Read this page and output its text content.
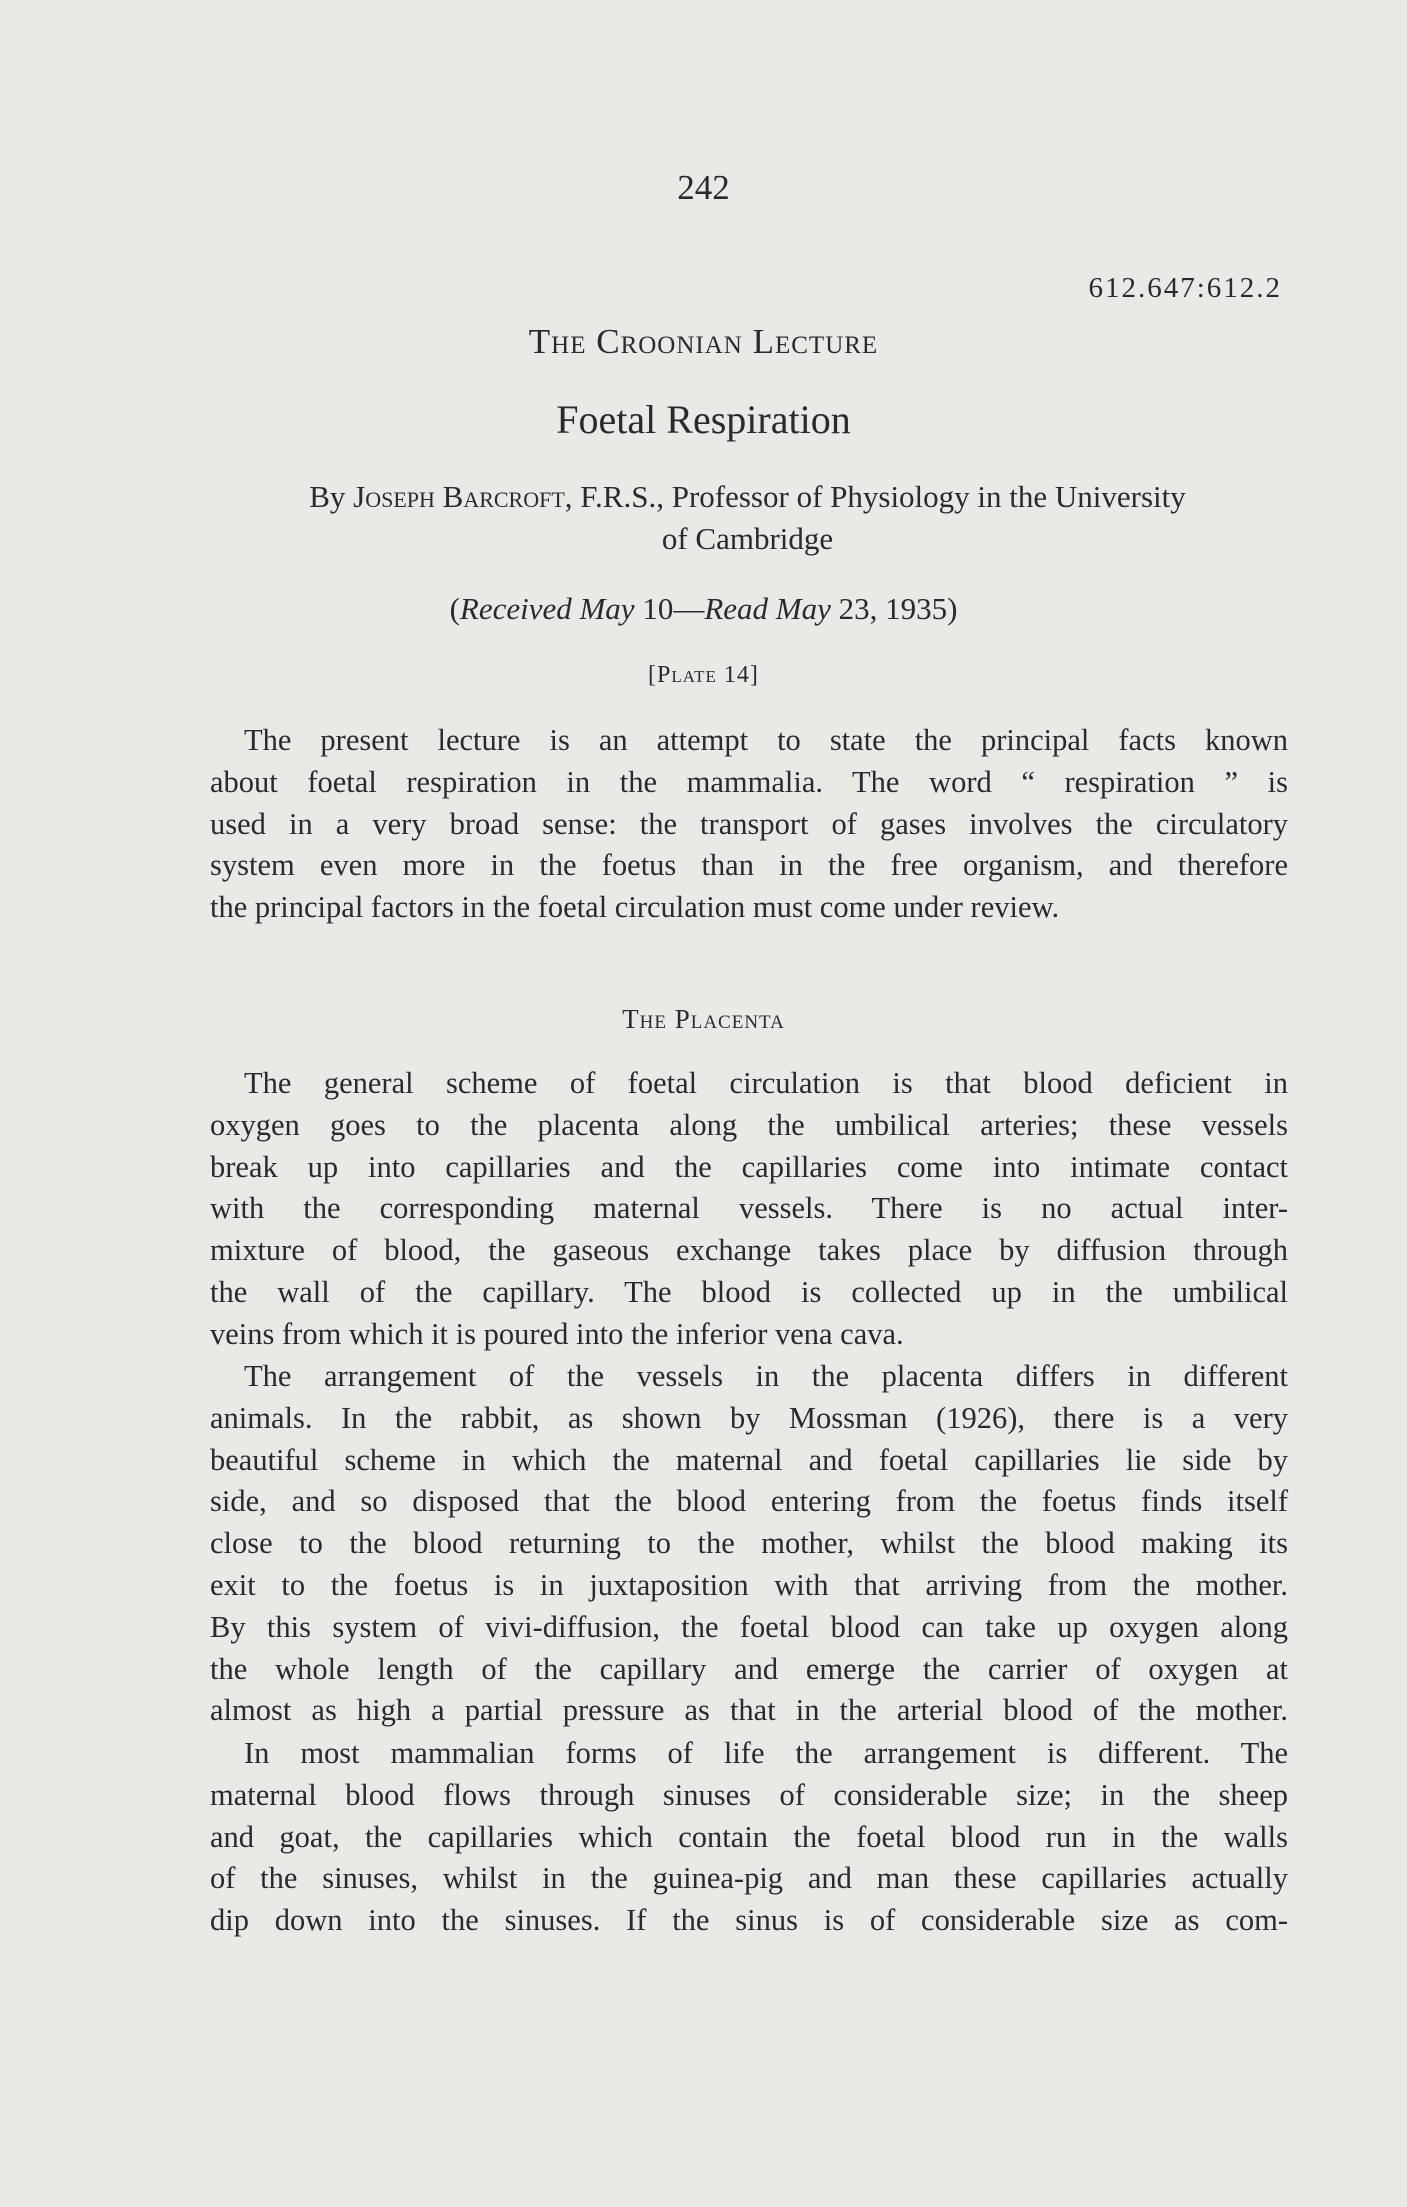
242
612.647:612.2
The Croonian Lecture
Foetal Respiration
By Joseph Barcroft, F.R.S., Professor of Physiology in the University
of Cambridge
(Received May 10—Read May 23, 1935)
[Plate 14]
The present lecture is an attempt to state the principal facts known
about foetal respiration in the mammalia. The word “ respiration ” is
used in a very broad sense: the transport of gases involves the circulatory
system even more in the foetus than in the free organism, and therefore
the principal factors in the foetal circulation must come under review.
The Placenta
The general scheme of foetal circulation is that blood deficient in
oxygen goes to the placenta along the umbilical arteries; these vessels
break up into capillaries and the capillaries come into intimate contact
with the corresponding maternal vessels. There is no actual inter-
mixture of blood, the gaseous exchange takes place by diffusion through
the wall of the capillary. The blood is collected up in the umbilical
veins from which it is poured into the inferior vena cava.
The arrangement of the vessels in the placenta differs in different
animals. In the rabbit, as shown by Mossman (1926), there is a very
beautiful scheme in which the maternal and foetal capillaries lie side by
side, and so disposed that the blood entering from the foetus finds itself
close to the blood returning to the mother, whilst the blood making its
exit to the foetus is in juxtaposition with that arriving from the mother.
By this system of vivi-diffusion, the foetal blood can take up oxygen along
the whole length of the capillary and emerge the carrier of oxygen at
almost as high a partial pressure as that in the arterial blood of the mother.
In most mammalian forms of life the arrangement is different. The
maternal blood flows through sinuses of considerable size; in the sheep
and goat, the capillaries which contain the foetal blood run in the walls
of the sinuses, whilst in the guinea-pig and man these capillaries actually
dip down into the sinuses. If the sinus is of considerable size as com-
